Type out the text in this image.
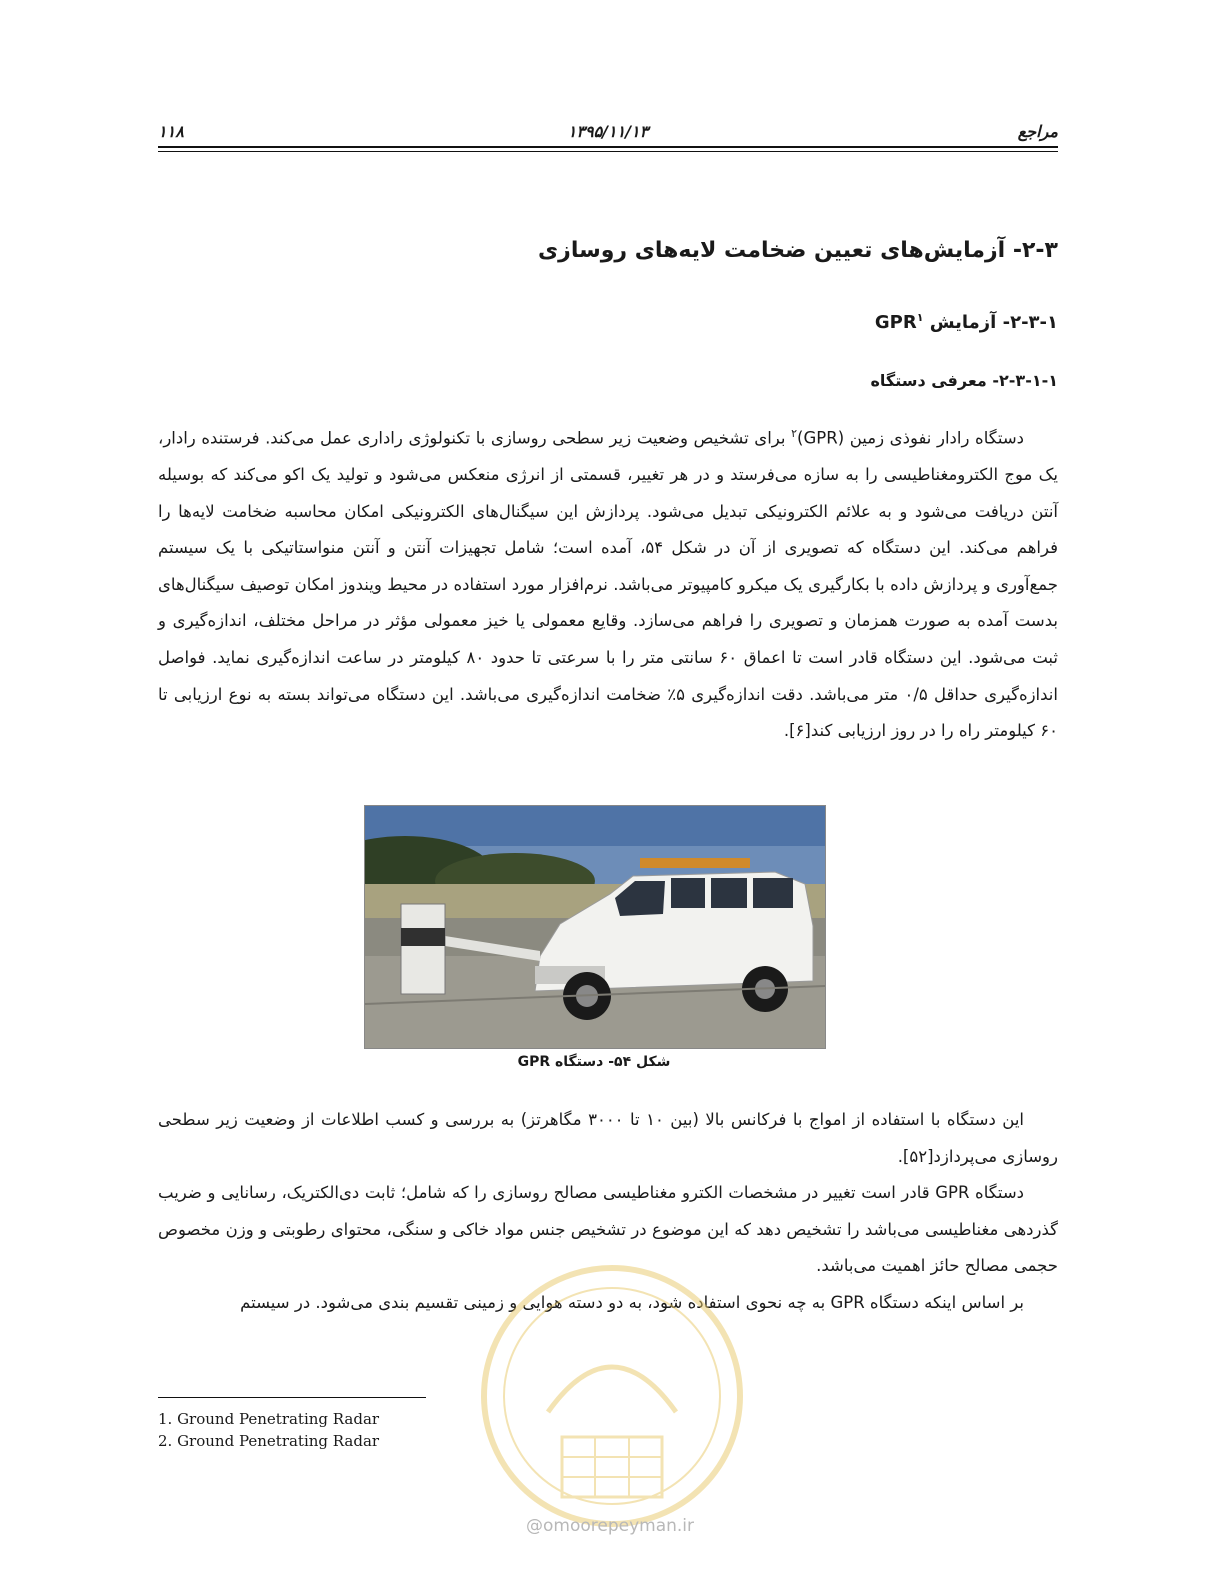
۱۱۸	۱۳۹۵/۱۱/۱۳	مراجع
۲-۳- آزمایش‌های تعیین ضخامت لایه‌های روسازی
۲-۳-۱- آزمایش GPR$^۱$
۲-۳-۱-۱- معرفی دستگاه

دستگاه رادار نفوذی زمین (GPR)$^۲$ برای تشخیص وضعیت زیر سطحی روسازی با تکنولوژی راداری عمل می‌کند. فرستنده رادار، یک موج الکترومغناطیسی را به سازه می‌فرستد و در هر تغییر، قسمتی از انرژی منعکس می‌شود و تولید یک اکو می‌کند که بوسیله آنتن دریافت می‌شود و به علائم الکترونیکی تبدیل می‌شود. پردازش این سیگنال‌های الکترونیکی امکان محاسبه ضخامت لایه‌ها را فراهم می‌کند. این دستگاه که تصویری از آن در شکل ۵۴، آمده است؛ شامل تجهیزات آنتن و آنتن منواستاتیکی با یک سیستم جمع‌آوری و پردازش داده با بکارگیری یک میکرو کامپیوتر می‌باشد. نرم‌افزار مورد استفاده در محیط ویندوز امکان توصیف سیگنال‌های بدست آمده به صورت همزمان و تصویری را فراهم می‌سازد. وقایع معمولی یا خیز معمولی مؤثر در مراحل مختلف، اندازه‌گیری و ثبت می‌شود. این دستگاه قادر است تا اعماق ۶۰ سانتی متر را با سرعتی تا حدود ۸۰ کیلومتر در ساعت اندازه‌گیری نماید. فواصل اندازه‌گیری حداقل ۰/۵ متر می‌باشد. دقت اندازه‌گیری ۵٪ ضخامت اندازه‌گیری می‌باشد. این دستگاه می‌تواند بسته به نوع ارزیابی تا ۶۰ کیلومتر راه را در روز ارزیابی کند[۶].

شکل ۵۴- دستگاه GPR

این دستگاه با استفاده از امواج با فرکانس بالا (بین ۱۰ تا ۳۰۰۰ مگاهرتز) به بررسی و کسب اطلاعات از وضعیت زیر سطحی روسازی می‌پردازد[۵۲].

دستگاه GPR قادر است تغییر در مشخصات الکترو مغناطیسی مصالح روسازی را که شامل؛ ثابت دی‌الکتریک، رسانایی و ضریب گذردهی مغناطیسی می‌باشد را تشخیص دهد که این موضوع در تشخیص جنس مواد خاکی و سنگی، محتوای رطوبتی و وزن مخصوص حجمی مصالح حائز اهمیت می‌باشد.

بر اساس اینکه دستگاه GPR به چه نحوی استفاده شود، به دو دسته هوایی و زمینی تقسیم بندی می‌شود. در سیستم

1. Ground Penetrating Radar
2. Ground Penetrating Radar
@omoorepeyman.ir
